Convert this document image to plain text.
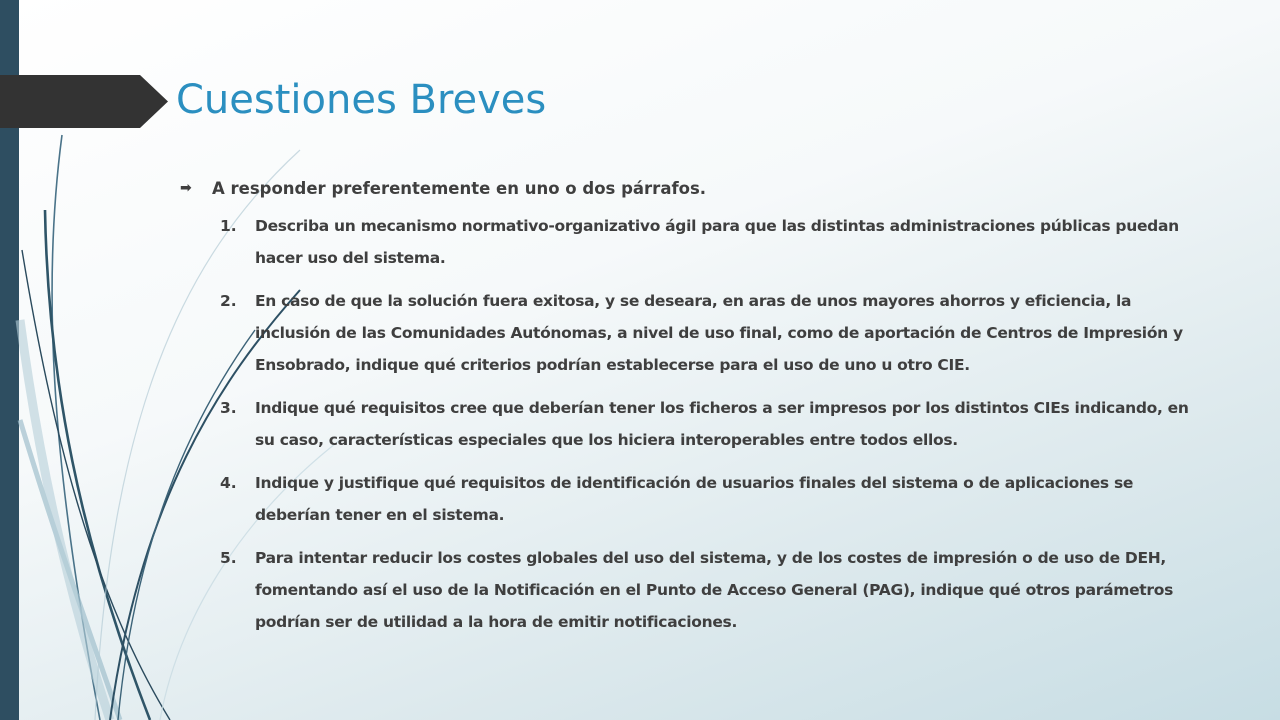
Cuestiones Breves
➡	A responder preferentemente en uno o dos párrafos.
1.	Describa un mecanismo normativo-organizativo ágil para que las distintas administraciones públicas puedan hacer uso del sistema.
2.	En caso de que la solución fuera exitosa, y se deseara, en aras de unos mayores ahorros y eficiencia, la inclusión de las Comunidades Autónomas, a nivel de uso final, como de aportación de Centros de Impresión y Ensobrado, indique qué criterios podrían establecerse para el uso de uno u otro CIE.
3.	Indique qué requisitos cree que deberían tener los ficheros a ser impresos por los distintos CIEs indicando, en su caso, características especiales que los hiciera interoperables entre todos ellos.
4.	Indique y justifique qué requisitos de identificación de usuarios finales del sistema o de aplicaciones se deberían tener en el sistema.
5.	Para intentar reducir los costes globales del uso del sistema, y de los costes de impresión o de uso de DEH, fomentando así el uso de la Notificación en el Punto de Acceso General (PAG), indique qué otros parámetros podrían ser de utilidad a la hora de emitir notificaciones.
